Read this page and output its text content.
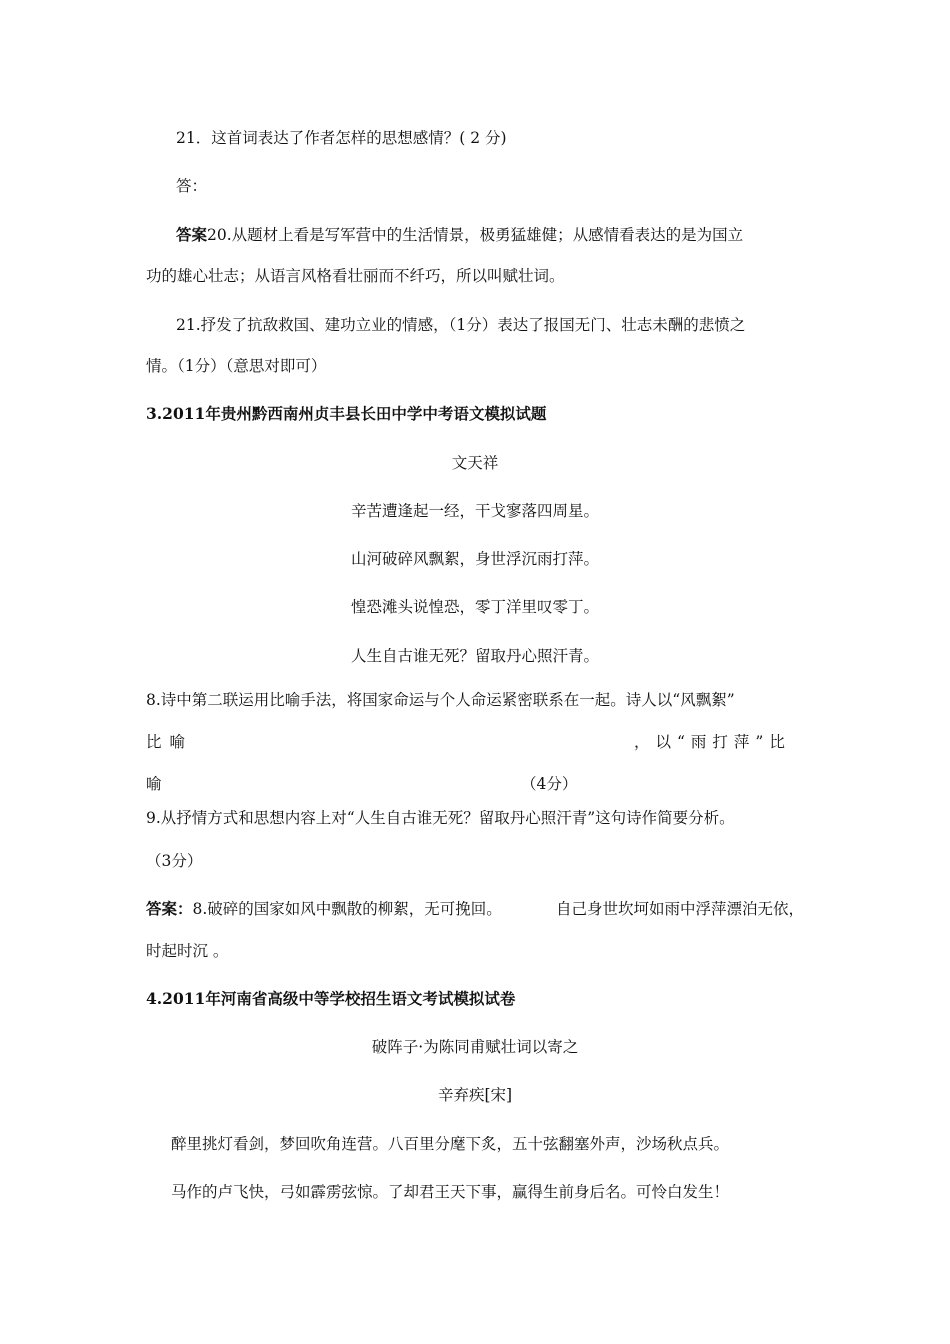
21．这首词表达了作者怎样的思想感情？( 2 分)
答：
答案20.从题材上看是写军营中的生活情景，极勇猛雄健；从感情看表达的是为国立
功的雄心壮志；从语言风格看壮丽而不纤巧，所以叫赋壮词。
21.抒发了抗敌救国、建功立业的情感，（1分）表达了报国无门、壮志未酬的悲愤之
情。（1分）（意思对即可）
3.2011年贵州黔西南州贞丰县长田中学中考语文模拟试题
文天祥
辛苦遭逢起一经，干戈寥落四周星。
山河破碎风飘絮，身世浮沉雨打萍。
惶恐滩头说惶恐，零丁洋里叹零丁。
人生自古谁无死？留取丹心照汗青。
8.诗中第二联运用比喻手法，将国家命运与个人命运紧密联系在一起。诗人以“风飘絮”
比喻	，以“雨打萍”比
喻	（4分）
9.从抒情方式和思想内容上对“人生自古谁无死？留取丹心照汗青”这句诗作简要分析。
（3分）
答案：8.破碎的国家如风中飘散的柳絮，无可挽回。	自己身世坎坷如雨中浮萍漂泊无依，
时起时沉 。
4.2011年河南省高级中等学校招生语文考试模拟试卷
破阵子·为陈同甫赋壮词以寄之
辛弃疾[宋]
醉里挑灯看剑，梦回吹角连营。八百里分麾下炙，五十弦翻塞外声，沙场秋点兵。
马作的卢飞快，弓如霹雳弦惊。了却君王天下事，赢得生前身后名。可怜白发生！
